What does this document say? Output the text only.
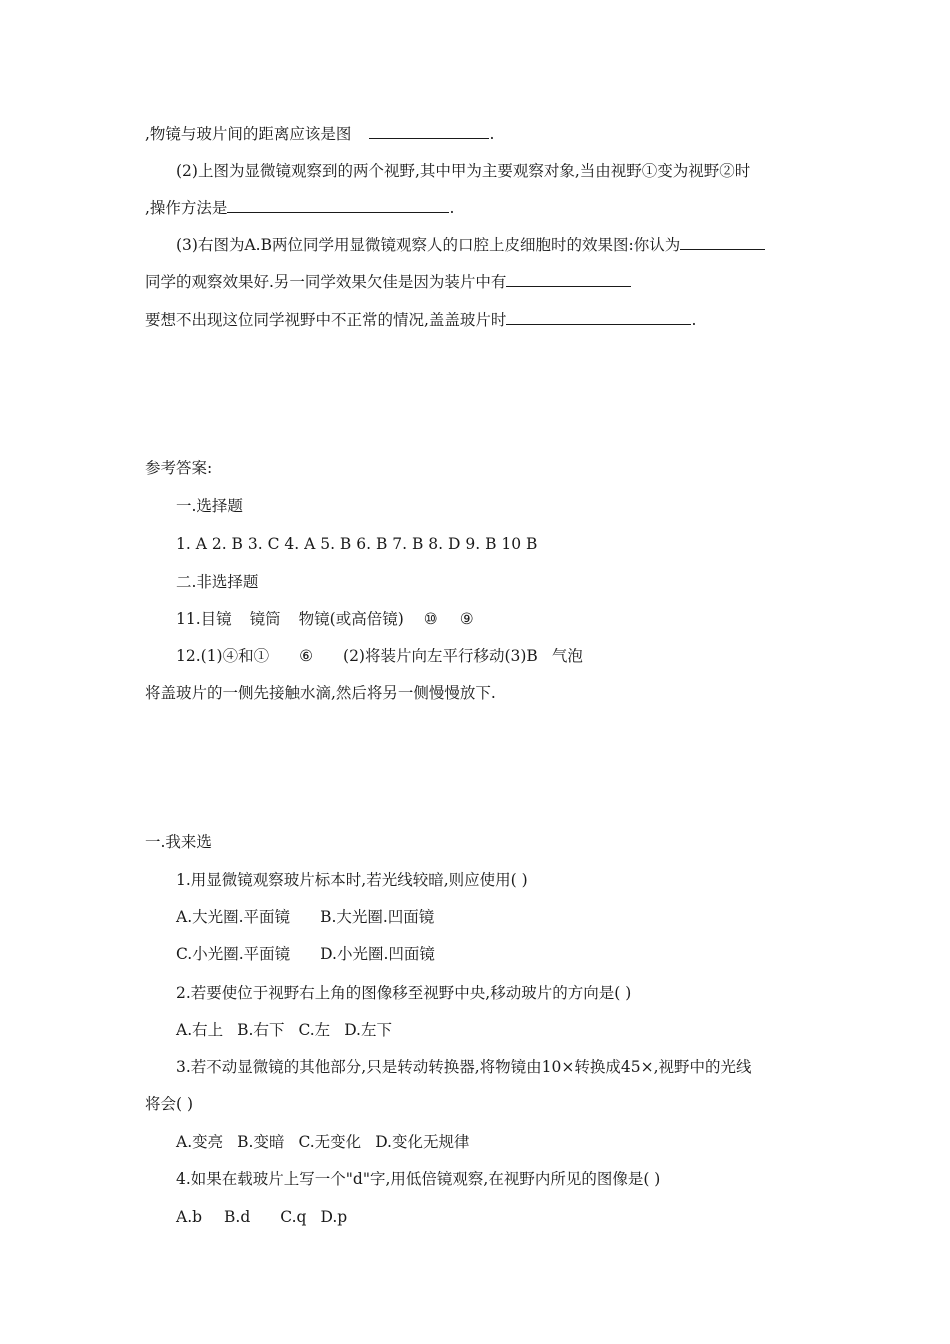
,物镜与玻片间的距离应该是图	.
(2)上图为显微镜观察到的两个视野,其中甲为主要观察对象,当由视野①变为视野②时
,操作方法是	.
(3)右图为A.B两位同学用显微镜观察人的口腔上皮细胞时的效果图:你认为
同学的观察效果好.另一同学效果欠佳是因为装片中有
要想不出现这位同学视野中不正常的情况,盖盖玻片时	.
参考答案:
一.选择题
1. A 2. B 3. C 4. A 5. B 6. B 7. B 8. D 9. B 10 B
二.非选择题
11.目镜 镜筒 物镜(或高倍镜) ⑩ ⑨
12.(1)④和① ⑥ (2)将装片向左平行移动(3)B 气泡
将盖玻片的一侧先接触水滴,然后将另一侧慢慢放下.
一.我来选
1.用显微镜观察玻片标本时,若光线较暗,则应使用( )
A.大光圈.平面镜 B.大光圈.凹面镜
C.小光圈.平面镜 D.小光圈.凹面镜
2.若要使位于视野右上角的图像移至视野中央,移动玻片的方向是( )
A.右上 B.右下 C.左 D.左下
3.若不动显微镜的其他部分,只是转动转换器,将物镜由10×转换成45×,视野中的光线
将会( )
A.变亮 B.变暗 C.无变化 D.变化无规律
4.如果在载玻片上写一个"d"字,用低倍镜观察,在视野内所见的图像是( )
A.b B.d C.q D.p
